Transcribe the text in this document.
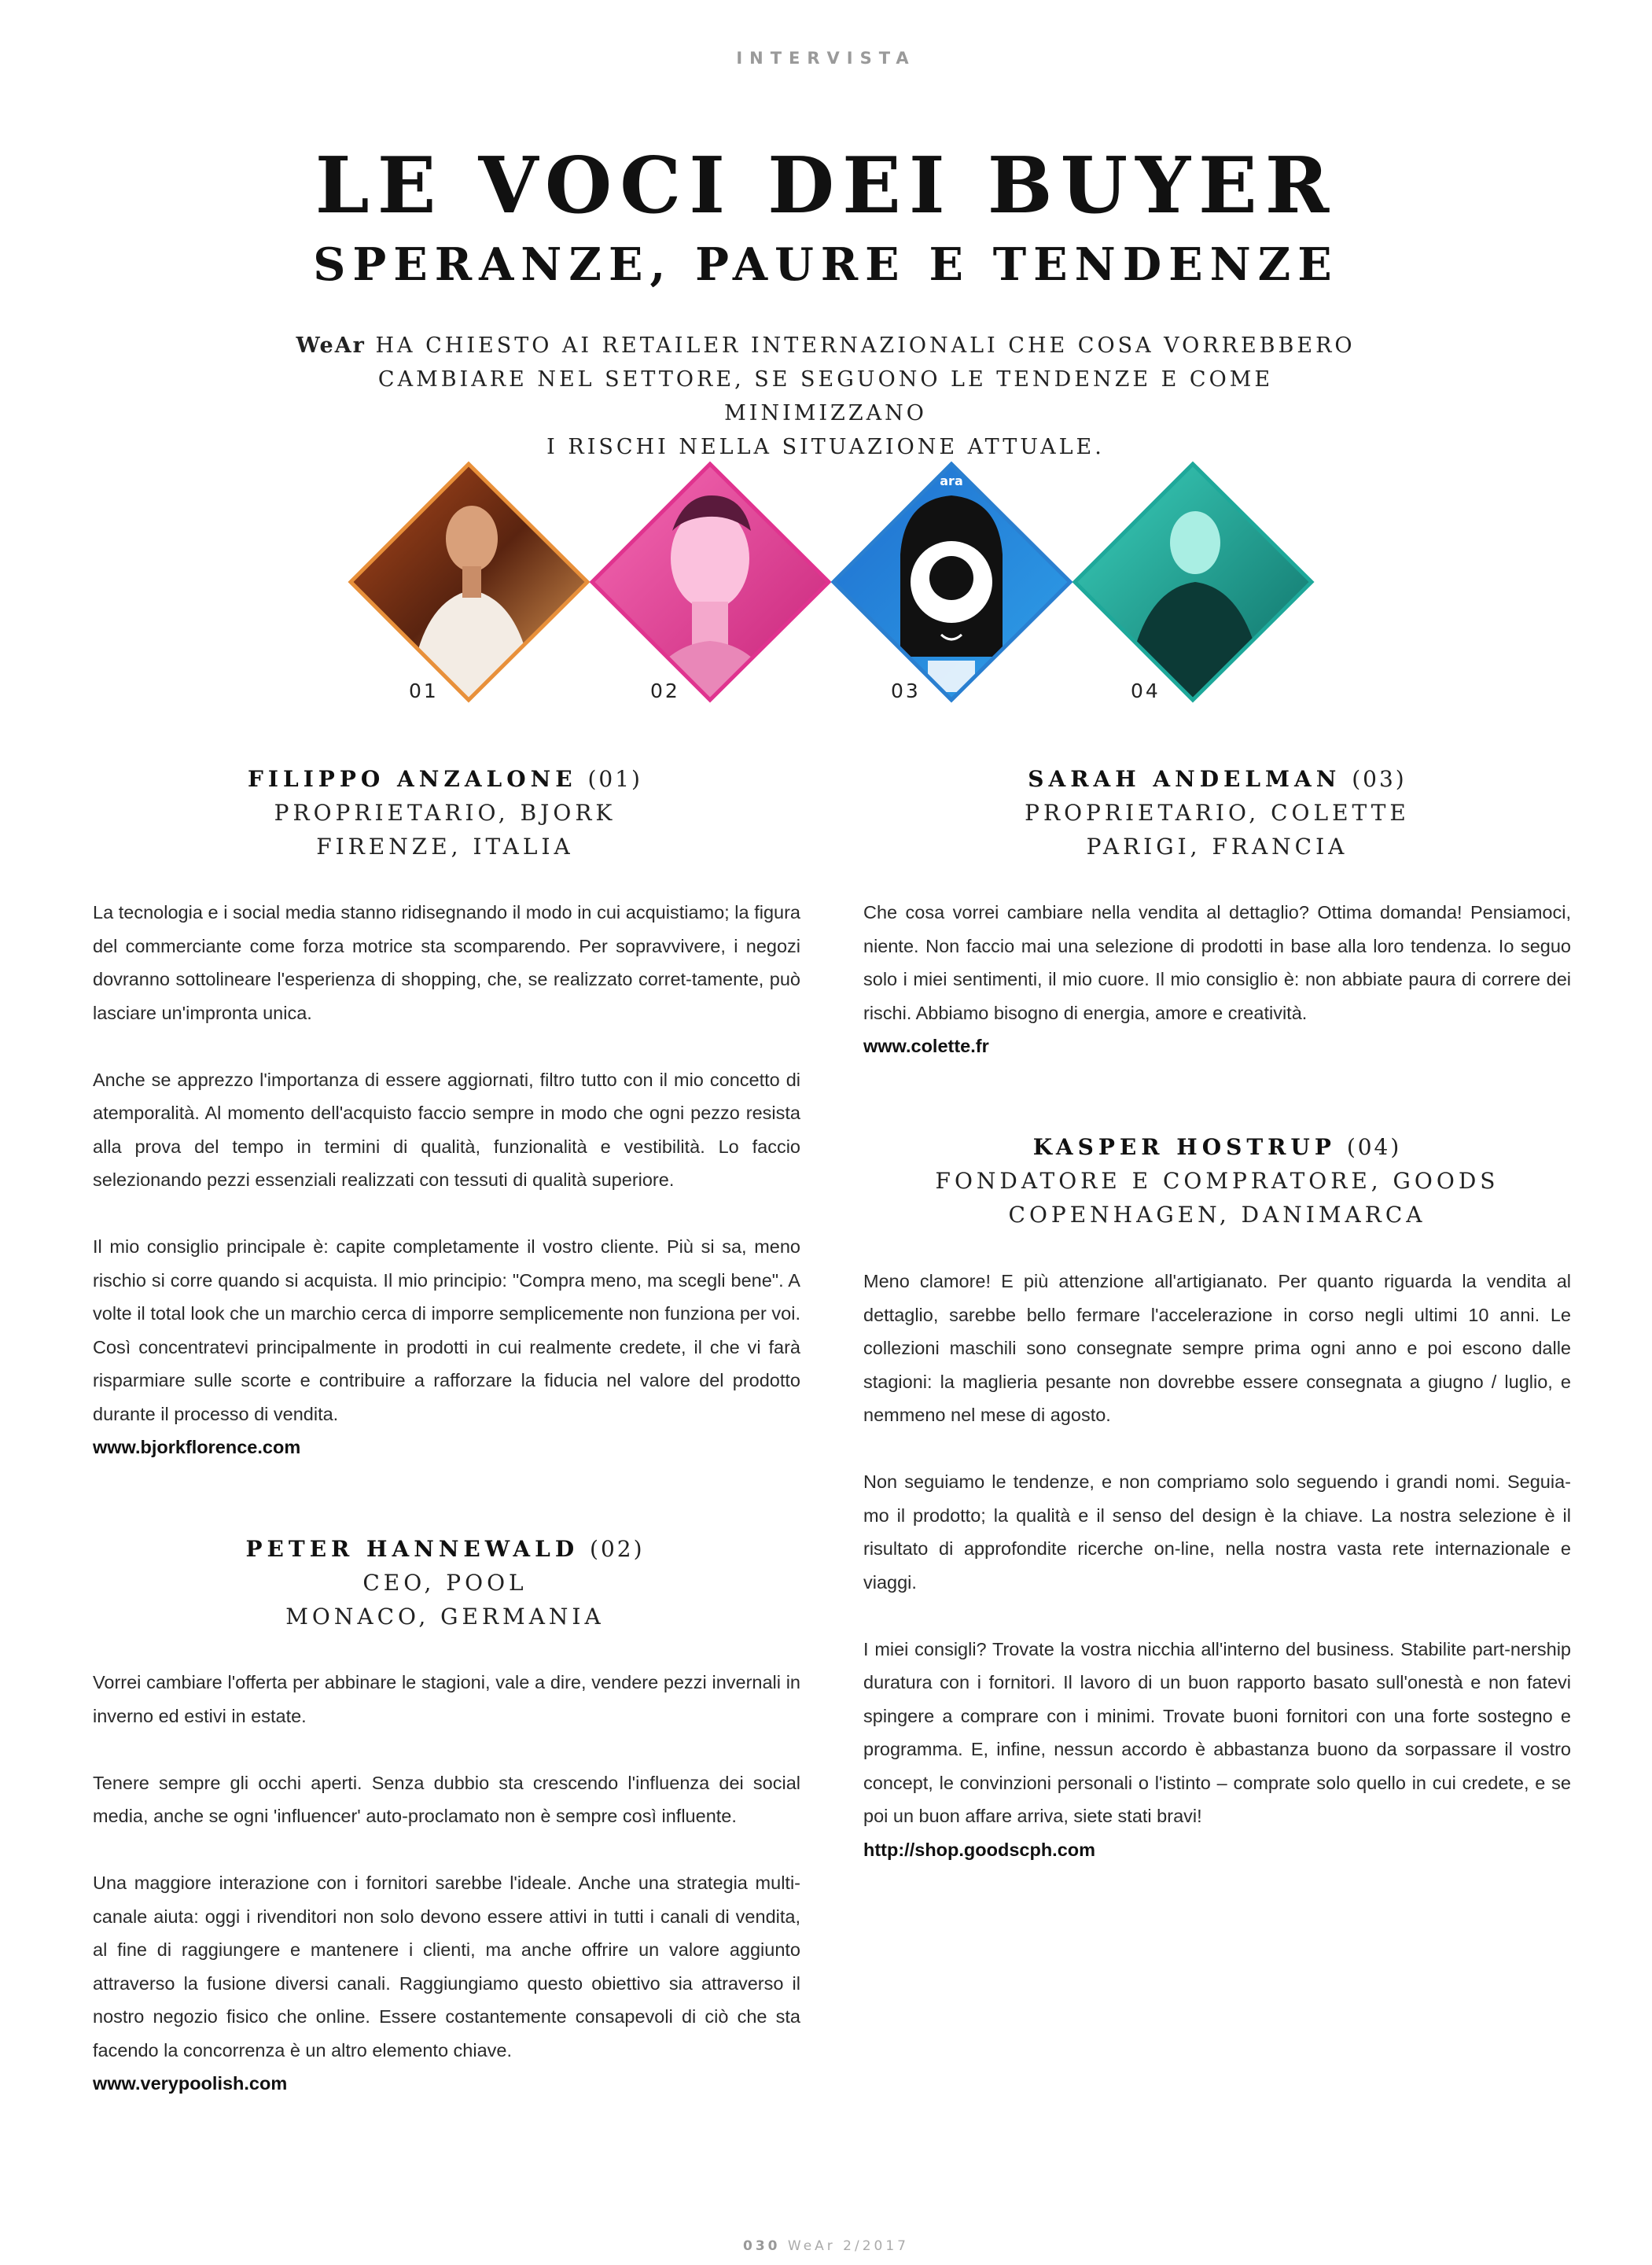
INTERVISTA
LE VOCI DEI BUYER
SPERANZE, PAURE E TENDENZE
WeAr HA CHIESTO AI RETAILER INTERNAZIONALI CHE COSA VORREBBERO
CAMBIARE NEL SETTORE, SE SEGUONO LE TENDENZE E COME MINIMIZZANO
I RISCHI NELLA SITUAZIONE ATTUALE.
ara
01	02	03	04
FILIPPO ANZALONE (01)
PROPRIETARIO, BJORK
FIRENZE, ITALIA

La tecnologia e i social media stanno ridisegnando il modo in cui acquistiamo; la figura del commerciante come forza motrice sta scomparendo. Per sopravvivere, i negozi dovranno sottolineare l'esperienza di shopping, che, se realizzato corret-tamente, può lasciare un'impronta unica.

Anche se apprezzo l'importanza di essere aggiornati, filtro tutto con il mio concetto di atemporalità. Al momento dell'acquisto faccio sempre in modo che ogni pezzo resista alla prova del tempo in termini di qualità, funzionalità e vestibilità. Lo faccio selezionando pezzi essenziali realizzati con tessuti di qualità superiore.

Il mio consiglio principale è: capite completamente il vostro cliente. Più si sa, meno rischio si corre quando si acquista. Il mio principio: "Compra meno, ma scegli bene". A volte il total look che un marchio cerca di imporre semplicemente non funziona per voi. Così concentratevi principalmente in prodotti in cui realmente credete, il che vi farà risparmiare sulle scorte e contribuire a rafforzare la fiducia nel valore del prodotto durante il processo di vendita.

www.bjorkflorence.com
PETER HANNEWALD (02)
CEO, POOL
MONACO, GERMANIA

Vorrei cambiare l'offerta per abbinare le stagioni, vale a dire, vendere pezzi invernali in inverno ed estivi in estate.

Tenere sempre gli occhi aperti. Senza dubbio sta crescendo l'influenza dei social media, anche se ogni 'influencer' auto-proclamato non è sempre così influente.

Una maggiore interazione con i fornitori sarebbe l'ideale. Anche una strategia multi-canale aiuta: oggi i rivenditori non solo devono essere attivi in tutti i canali di vendita, al fine di raggiungere e mantenere i clienti, ma anche offrire un valore aggiunto attraverso la fusione diversi canali. Raggiungiamo questo obiettivo sia attraverso il nostro negozio fisico che online. Essere costantemente consapevoli di ciò che sta facendo la concorrenza è un altro elemento chiave.

www.verypoolish.com
SARAH ANDELMAN (03)
PROPRIETARIO, COLETTE
PARIGI, FRANCIA

Che cosa vorrei cambiare nella vendita al dettaglio? Ottima domanda! Pensiamoci, niente. Non faccio mai una selezione di prodotti in base alla loro tendenza. Io seguo solo i miei sentimenti, il mio cuore. Il mio consiglio è: non abbiate paura di correre dei rischi. Abbiamo bisogno di energia, amore e creatività.

www.colette.fr
KASPER HOSTRUP (04)
FONDATORE E COMPRATORE, GOODS
COPENHAGEN, DANIMARCA

Meno clamore! E più attenzione all'artigianato. Per quanto riguarda la vendita al dettaglio, sarebbe bello fermare l'accelerazione in corso negli ultimi 10 anni. Le collezioni maschili sono consegnate sempre prima ogni anno e poi escono dalle stagioni: la maglieria pesante non dovrebbe essere consegnata a giugno / luglio, e nemmeno nel mese di agosto.

Non seguiamo le tendenze, e non compriamo solo seguendo i grandi nomi. Seguia-mo il prodotto; la qualità e il senso del design è la chiave. La nostra selezione è il risultato di approfondite ricerche on-line, nella nostra vasta rete internazionale e viaggi.

I miei consigli? Trovate la vostra nicchia all'interno del business. Stabilite part-nership duratura con i fornitori. Il lavoro di un buon rapporto basato sull'onestà e non fatevi spingere a comprare con i minimi. Trovate buoni fornitori con una forte sostegno e programma. E, infine, nessun accordo è abbastanza buono da sorpassare il vostro concept, le convinzioni personali o l'istinto – comprate solo quello in cui credete, e se poi un buon affare arriva, siete stati bravi!

http://shop.goodscph.com
030 WeAr 2/2017
